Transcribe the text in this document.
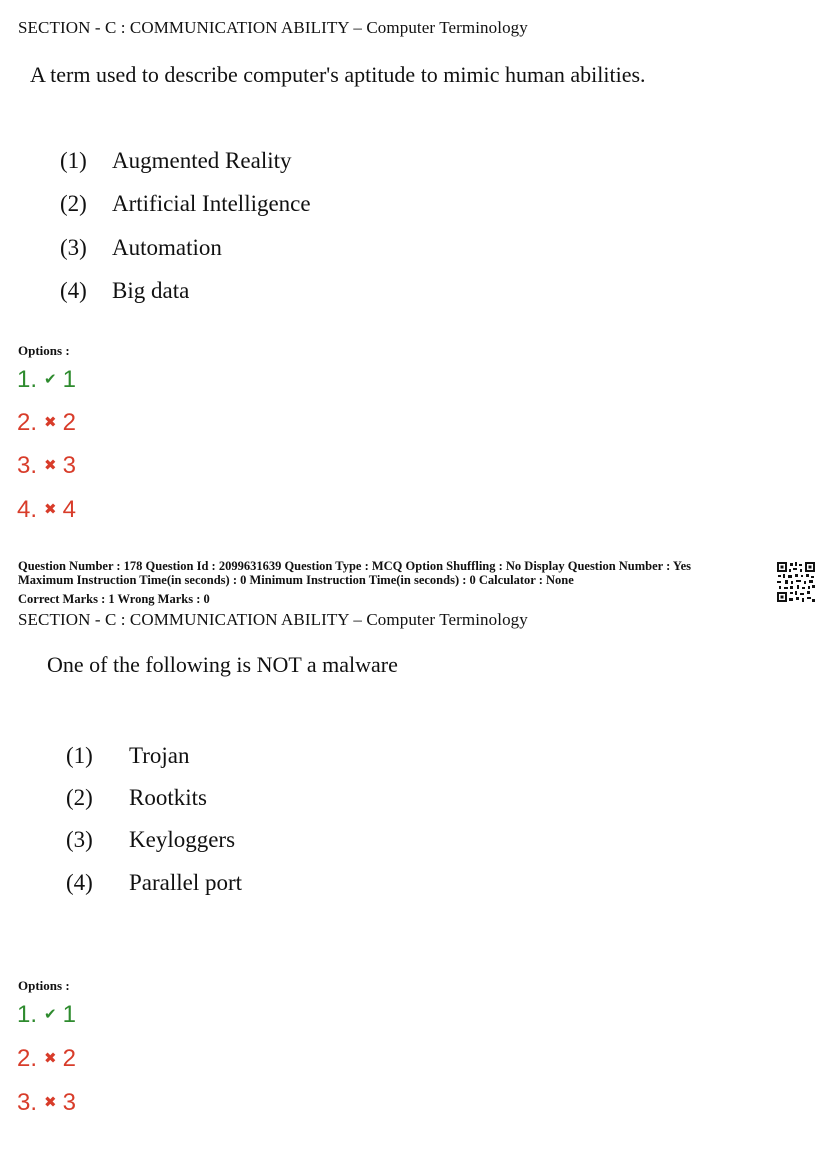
SECTION - C : COMMUNICATION ABILITY – Computer Terminology
A term used to describe computer's aptitude to mimic human abilities.
(1) Augmented Reality
(2) Artificial Intelligence
(3) Automation
(4) Big data
Options :
1. ✔ 1
2. ✖ 2
3. ✖ 3
4. ✖ 4
Question Number : 178 Question Id : 2099631639 Question Type : MCQ Option Shuffling : No Display Question Number : Yes
Maximum Instruction Time(in seconds) : 0 Minimum Instruction Time(in seconds) : 0 Calculator : None
Correct Marks : 1 Wrong Marks : 0
SECTION - C : COMMUNICATION ABILITY – Computer Terminology
One of the following is NOT a malware
(1) Trojan
(2) Rootkits
(3) Keyloggers
(4) Parallel port
Options :
1. ✔ 1
2. ✖ 2
3. ✖ 3
